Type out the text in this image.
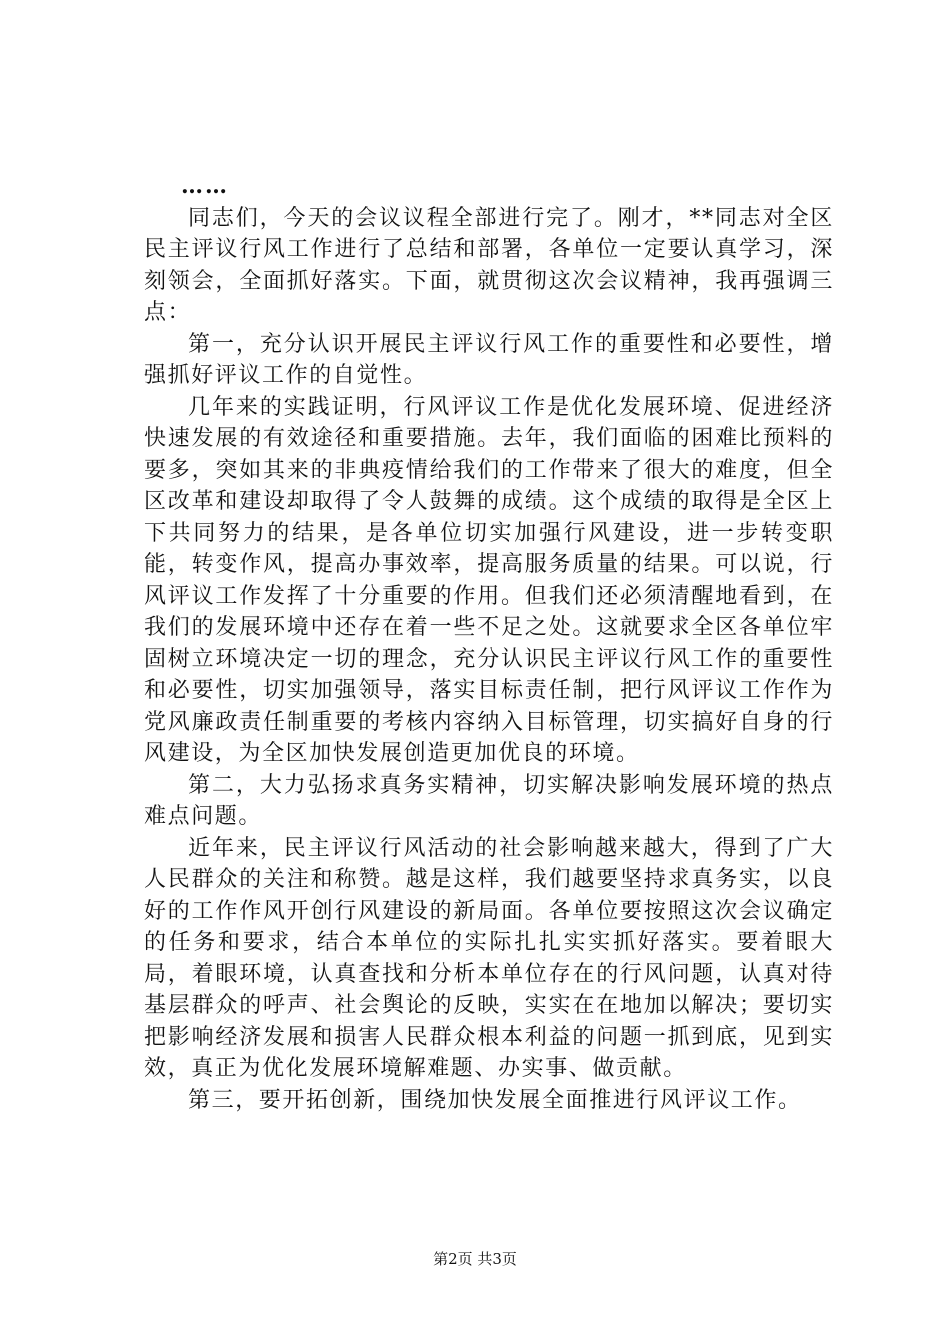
……

同志们，今天的会议议程全部进行完了。刚才，**同志对全区民主评议行风工作进行了总结和部署，各单位一定要认真学习，深刻领会，全面抓好落实。下面，就贯彻这次会议精神，我再强调三点：

第一，充分认识开展民主评议行风工作的重要性和必要性，增强抓好评议工作的自觉性。

几年来的实践证明，行风评议工作是优化发展环境、促进经济快速发展的有效途径和重要措施。去年，我们面临的困难比预料的要多，突如其来的非典疫情给我们的工作带来了很大的难度，但全区改革和建设却取得了令人鼓舞的成绩。这个成绩的取得是全区上下共同努力的结果，是各单位切实加强行风建设，进一步转变职能，转变作风，提高办事效率，提高服务质量的结果。可以说，行风评议工作发挥了十分重要的作用。但我们还必须清醒地看到，在我们的发展环境中还存在着一些不足之处。这就要求全区各单位牢固树立环境决定一切的理念，充分认识民主评议行风工作的重要性和必要性，切实加强领导，落实目标责任制，把行风评议工作作为党风廉政责任制重要的考核内容纳入目标管理，切实搞好自身的行风建设，为全区加快发展创造更加优良的环境。

第二，大力弘扬求真务实精神，切实解决影响发展环境的热点难点问题。

近年来，民主评议行风活动的社会影响越来越大，得到了广大人民群众的关注和称赞。越是这样，我们越要坚持求真务实，以良好的工作作风开创行风建设的新局面。各单位要按照这次会议确定的任务和要求，结合本单位的实际扎扎实实抓好落实。要着眼大局，着眼环境，认真查找和分析本单位存在的行风问题，认真对待基层群众的呼声、社会舆论的反映，实实在在地加以解决；要切实把影响经济发展和损害人民群众根本利益的问题一抓到底，见到实效，真正为优化发展环境解难题、办实事、做贡献。

第三，要开拓创新，围绕加快发展全面推进行风评议工作。

第2页 共3页
